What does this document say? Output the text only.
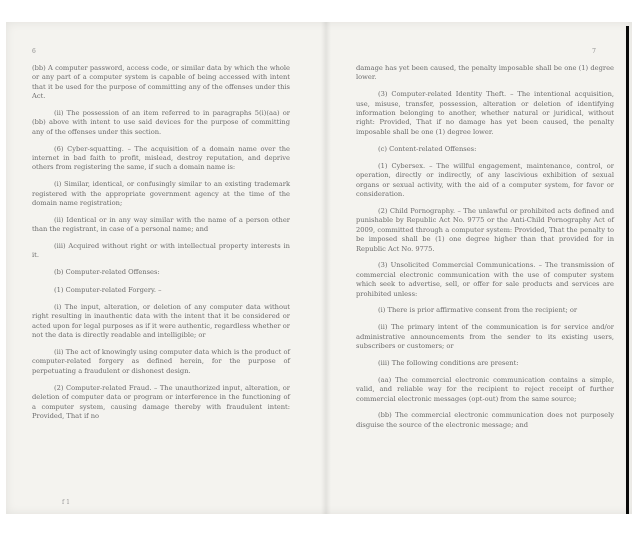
6

(bb) A computer password, access code, or similar data by which the whole or any part of a computer system is capable of being accessed with intent that it be used for the purpose of committing any of the offenses under this Act.

(ii) The possession of an item referred to in paragraphs 5(i)(aa) or (bb) above with intent to use said devices for the purpose of committing any of the offenses under this section.

(6) Cyber-squatting. – The acquisition of a domain name over the internet in bad faith to profit, mislead, destroy reputation, and deprive others from registering the same, if such a domain name is:

(i) Similar, identical, or confusingly similar to an existing trademark registered with the appropriate government agency at the time of the domain name registration;

(ii) Identical or in any way similar with the name of a person other than the registrant, in case of a personal name; and

(iii) Acquired without right or with intellectual property interests in it.

(b) Computer-related Offenses:

(1) Computer-related Forgery. –

(i) The input, alteration, or deletion of any computer data without right resulting in inauthentic data with the intent that it be considered or acted upon for legal purposes as if it were authentic, regardless whether or not the data is directly readable and intelligible; or

(ii) The act of knowingly using computer data which is the product of computer-related forgery as defined herein, for the purpose of perpetuating a fraudulent or dishonest design.

(2) Computer-related Fraud. – The unauthorized input, alteration, or deletion of computer data or program or interference in the functioning of a computer system, causing damage thereby with fraudulent intent: Provided, That if no

f 1
7

damage has yet been caused, the penalty imposable shall be one (1) degree lower.

(3) Computer-related Identity Theft. – The intentional acquisition, use, misuse, transfer, possession, alteration or deletion of identifying information belonging to another, whether natural or juridical, without right: Provided, That if no damage has yet been caused, the penalty imposable shall be one (1) degree lower.

(c) Content-related Offenses:

(1) Cybersex. – The willful engagement, maintenance, control, or operation, directly or indirectly, of any lascivious exhibition of sexual organs or sexual activity, with the aid of a computer system, for favor or consideration.

(2) Child Pornography. – The unlawful or prohibited acts defined and punishable by Republic Act No. 9775 or the Anti-Child Pornography Act of 2009, committed through a computer system: Provided, That the penalty to be imposed shall be (1) one degree higher than that provided for in Republic Act No. 9775.

(3) Unsolicited Commercial Communications. – The transmission of commercial electronic communication with the use of computer system which seek to advertise, sell, or offer for sale products and services are prohibited unless:

(i) There is prior affirmative consent from the recipient; or

(ii) The primary intent of the communication is for service and/or administrative announcements from the sender to its existing users, subscribers or customers; or

(iii) The following conditions are present:

(aa) The commercial electronic communication contains a simple, valid, and reliable way for the recipient to reject receipt of further commercial electronic messages (opt-out) from the same source;

(bb) The commercial electronic communication does not purposely disguise the source of the electronic message; and
